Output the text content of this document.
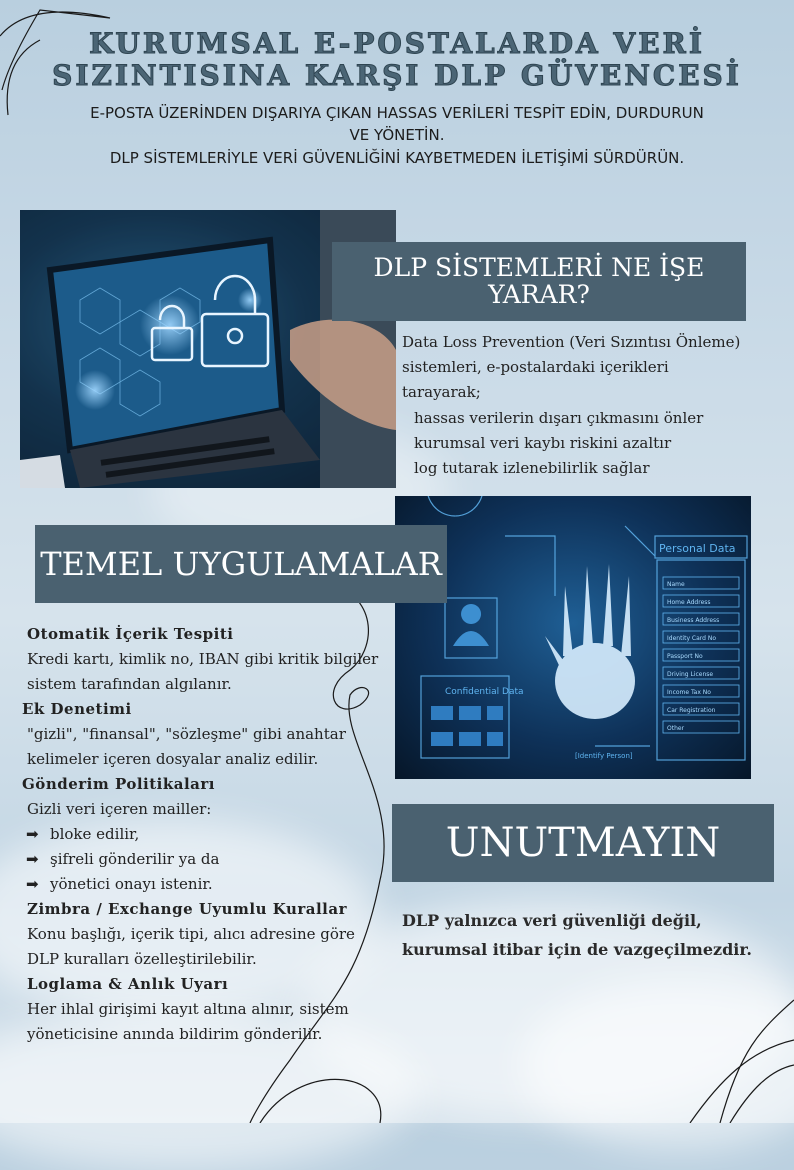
KURUMSAL E-POSTALARDA VERİ
SIZINTISINA KARŞI DLP GÜVENCESİ
E-POSTA ÜZERİNDEN DIŞARIYA ÇIKAN HASSAS VERİLERİ TESPİT EDİN, DURDURUN VE YÖNETİN.
DLP SİSTEMLERİYLE VERİ GÜVENLİĞİNİ KAYBETMEDEN İLETİŞİMİ SÜRDÜRÜN.
DLP SİSTEMLERİ NE İŞE YARAR?
Data Loss Prevention (Veri Sızıntısı Önleme) sistemleri, e-postalardaki içerikleri tarayarak;
hassas verilerin dışarı çıkmasını önler
kurumsal veri kaybı riskini azaltır
log tutarak izlenebilirlik sağlar
Personal Data
Confidential Data
[Identify Person]
Name
Home Address
Business Address
Identity Card No
Passport No
Driving License
Income Tax No
Car Registration
Other
TEMEL UYGULAMALAR
Otomatik İçerik Tespiti
Kredi kartı, kimlik no, IBAN gibi kritik bilgiler sistem tarafından algılanır.
Ek Denetimi
"gizli", "finansal", "sözleşme" gibi anahtar kelimeler içeren dosyalar analiz edilir.
Gönderim Politikaları
Gizli veri içeren mailler:
➡ bloke edilir,
➡ şifreli gönderilir ya da
➡ yönetici onayı istenir.
Zimbra / Exchange Uyumlu Kurallar
Konu başlığı, içerik tipi, alıcı adresine göre DLP kuralları özelleştirilebilir.
Loglama & Anlık Uyarı
Her ihlal girişimi kayıt altına alınır, sistem yöneticisine anında bildirim gönderilir.
UNUTMAYIN
DLP yalnızca veri güvenliği değil, kurumsal itibar için de vazgeçilmezdir.
